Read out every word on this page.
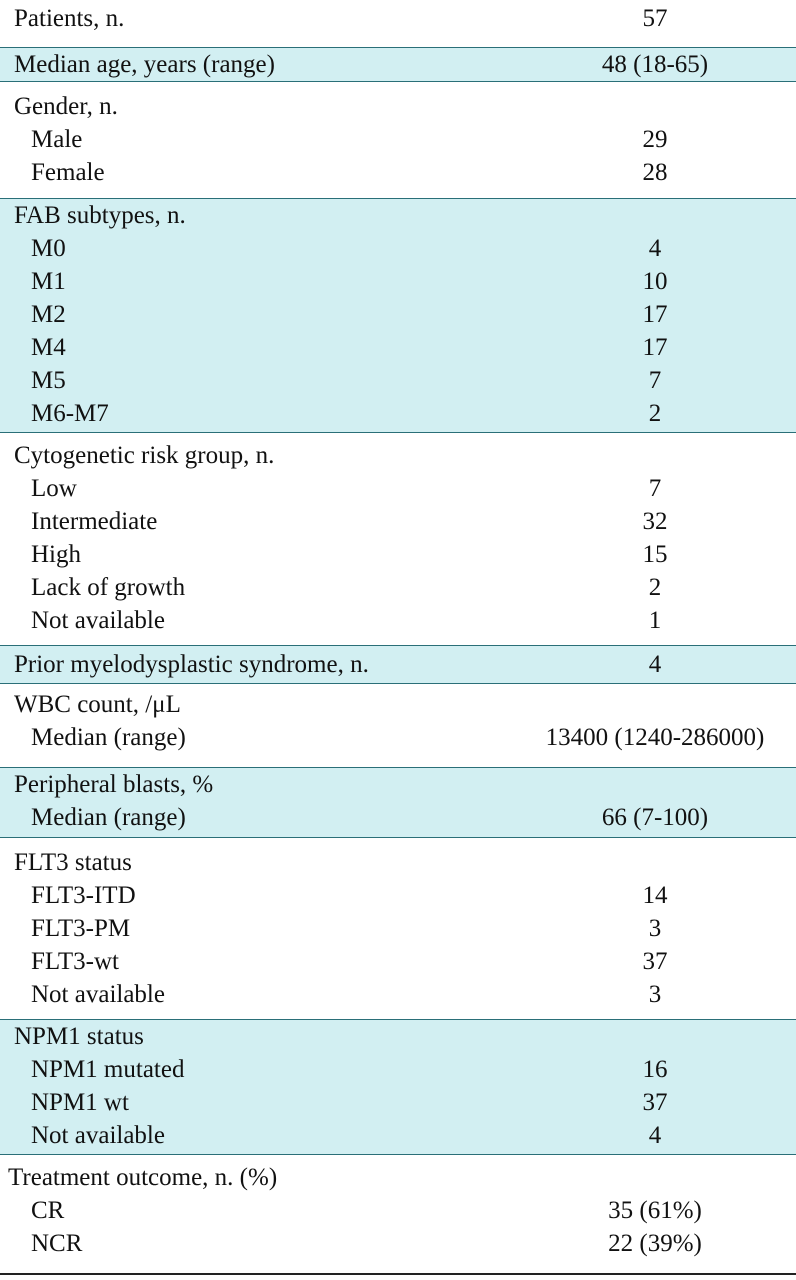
Patients, n.	57
Median age, years (range)	48 (18-65)
Gender, n.
Male	29
Female	28
FAB subtypes, n.
M0	4
M1	10
M2	17
M4	17
M5	7
M6-M7	2
Cytogenetic risk group, n.
Low	7
Intermediate	32
High	15
Lack of growth	2
Not available	1
Prior myelodysplastic syndrome, n.	4
WBC count, /μL
Median (range)	13400 (1240-286000)
Peripheral blasts, %
Median (range)	66 (7-100)
FLT3 status
FLT3-ITD	14
FLT3-PM	3
FLT3-wt	37
Not available	3
NPM1 status
NPM1 mutated	16
NPM1 wt	37
Not available	4
Treatment outcome, n. (%)
CR	35 (61%)
NCR	22 (39%)
